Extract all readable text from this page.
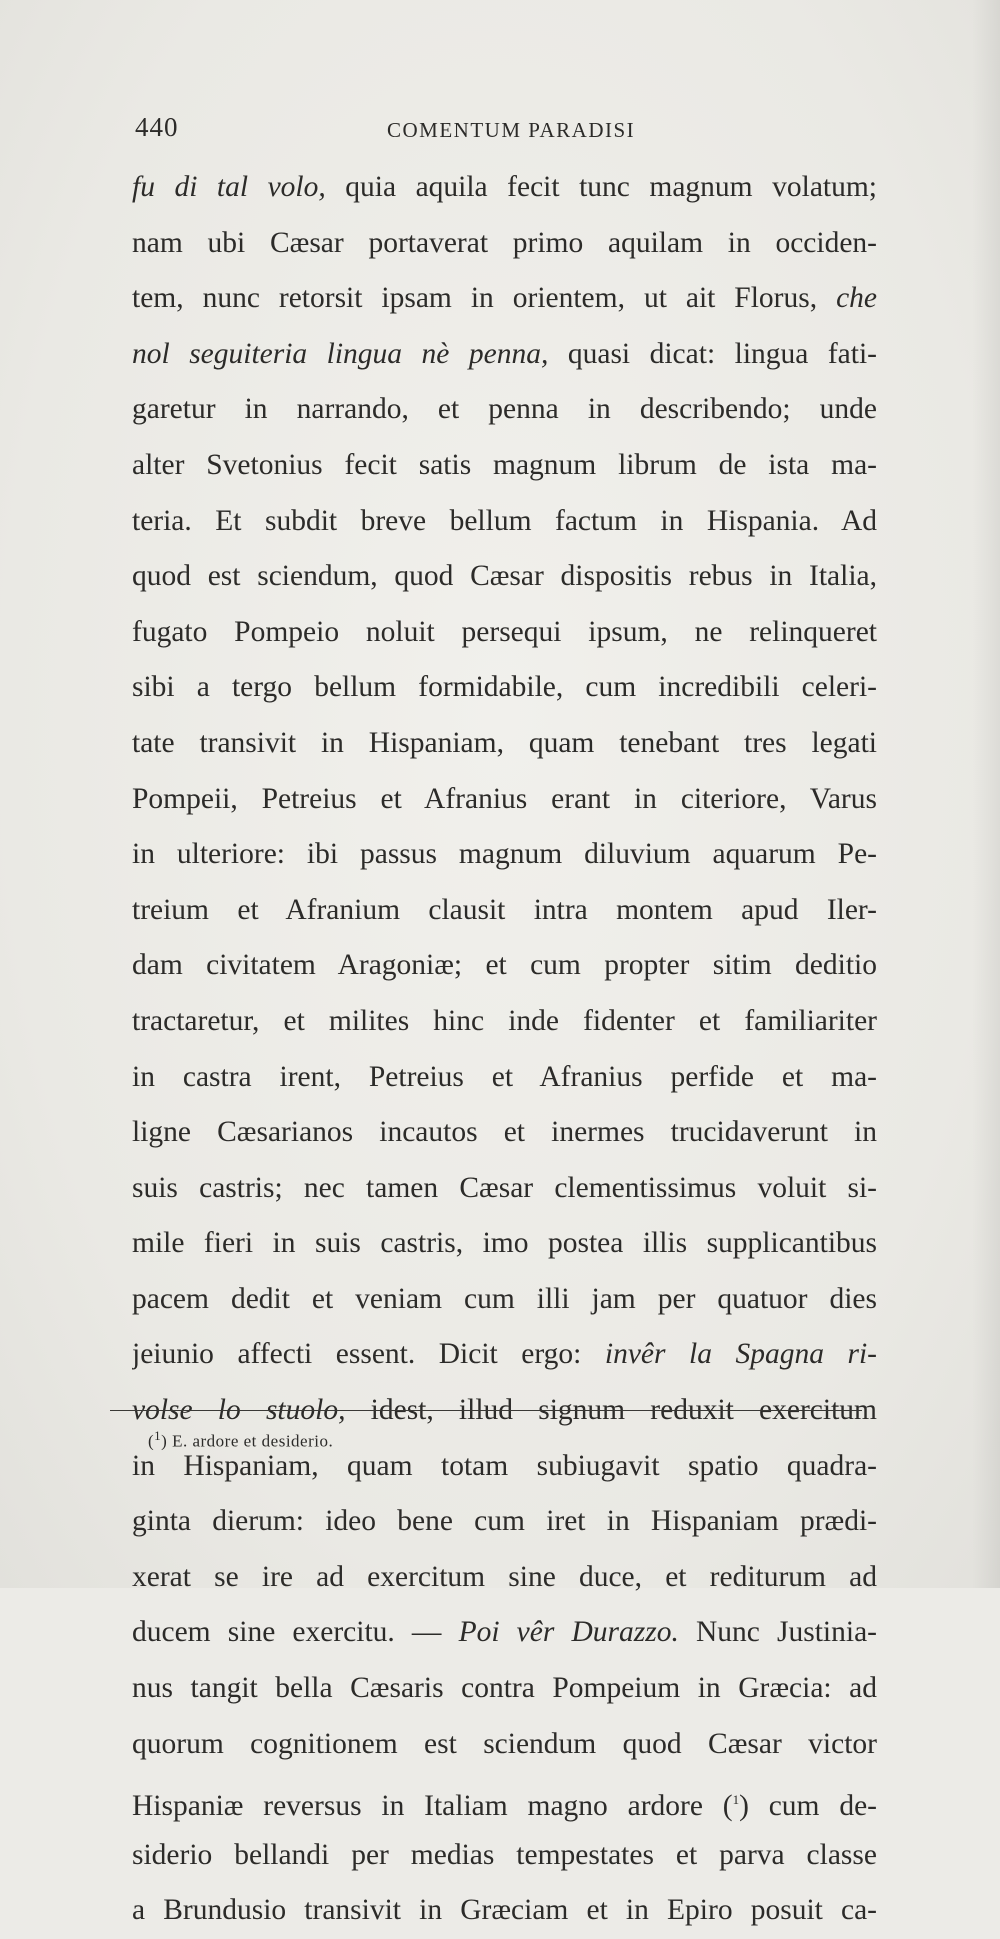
440	COMENTUM PARADISI
fu di tal volo, quia aquila fecit tunc magnum volatum;
nam ubi Cæsar portaverat primo aquilam in occiden-
tem, nunc retorsit ipsam in orientem, ut ait Florus, che
nol seguiteria lingua nè penna, quasi dicat: lingua fati-
garetur in narrando, et penna in describendo; unde
alter Svetonius fecit satis magnum librum de ista ma-
teria. Et subdit breve bellum factum in Hispania. Ad
quod est sciendum, quod Cæsar dispositis rebus in Italia,
fugato Pompeio noluit persequi ipsum, ne relinqueret
sibi a tergo bellum formidabile, cum incredibili celeri-
tate transivit in Hispaniam, quam tenebant tres legati
Pompeii, Petreius et Afranius erant in citeriore, Varus
in ulteriore: ibi passus magnum diluvium aquarum Pe-
treium et Afranium clausit intra montem apud Iler-
dam civitatem Aragoniæ; et cum propter sitim deditio
tractaretur, et milites hinc inde fidenter et familiariter
in castra irent, Petreius et Afranius perfide et ma-
ligne Cæsarianos incautos et inermes trucidaverunt in
suis castris; nec tamen Cæsar clementissimus voluit si-
mile fieri in suis castris, imo postea illis supplicantibus
pacem dedit et veniam cum illi jam per quatuor dies
jeiunio affecti essent. Dicit ergo: invêr la Spagna ri-
volse lo stuolo, idest, illud signum reduxit exercitum
in Hispaniam, quam totam subiugavit spatio quadra-
ginta dierum: ideo bene cum iret in Hispaniam prædi-
xerat se ire ad exercitum sine duce, et rediturum ad
ducem sine exercitu. — Poi vêr Durazzo. Nunc Justinia-
nus tangit bella Cæsaris contra Pompeium in Græcia: ad
quorum cognitionem est sciendum quod Cæsar victor
Hispaniæ reversus in Italiam magno ardore ($^1$) cum de-
siderio bellandi per medias tempestates et parva classe
a Brundusio transivit in Græciam et in Epiro posuit ca-
($^1$) E. ardore et desiderio.
